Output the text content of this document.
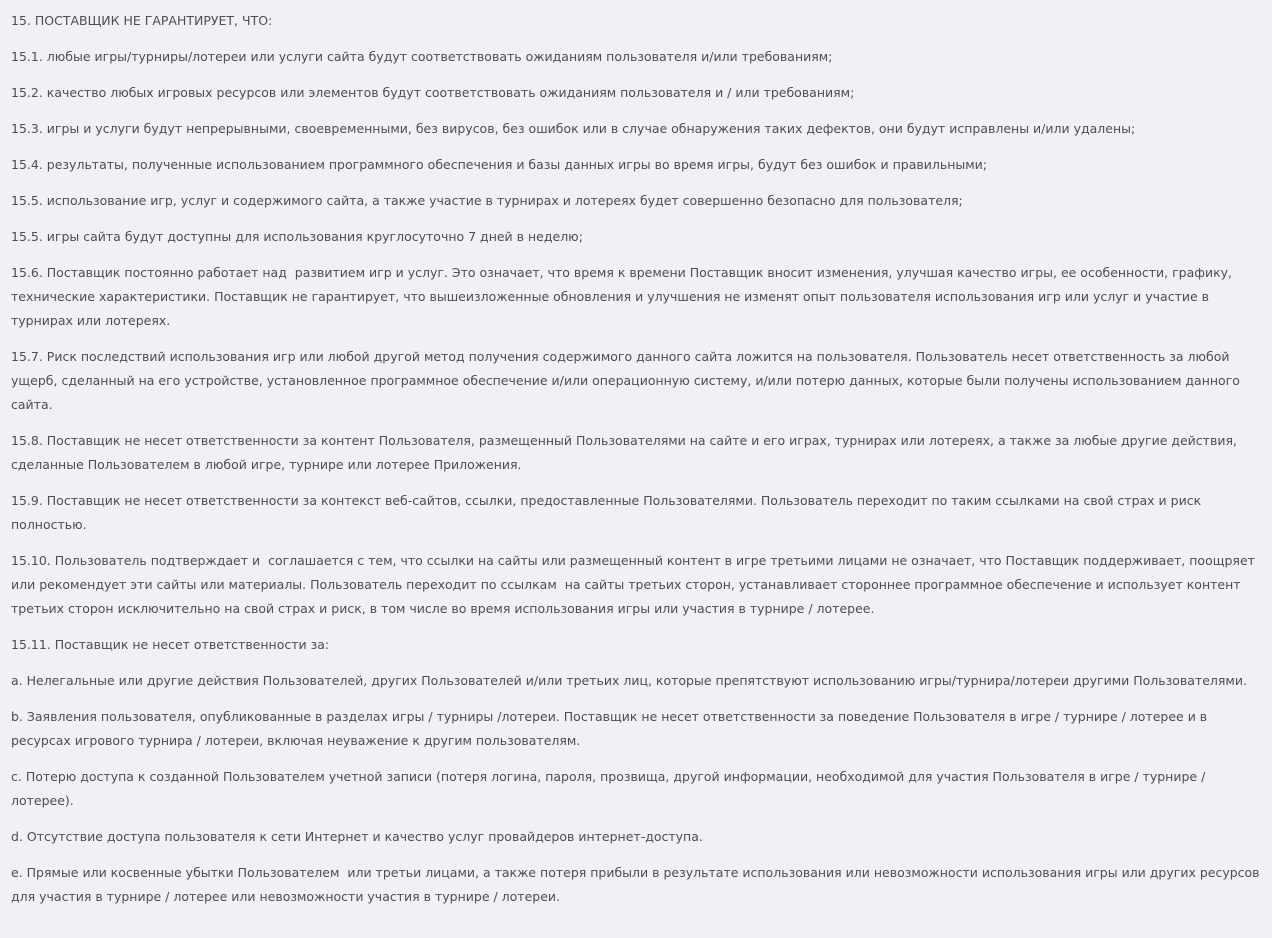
15. ПОСТАВЩИК НЕ ГАРАНТИРУЕТ, ЧТО:

15.1. любые игры/турниры/лотереи или услуги сайта будут соответствовать ожиданиям пользователя и/или требованиям;

15.2. качество любых игровых ресурсов или элементов будут соответствовать ожиданиям пользователя и / или требованиям;

15.3. игры и услуги будут непрерывными, своевременными, без вирусов, без ошибок или в случае обнаружения таких дефектов, они будут исправлены и/или удалены;

15.4. результаты, полученные использованием программного обеспечения и базы данных игры во время игры, будут без ошибок и правильными;

15.5. использование игр, услуг и содержимого сайта, а также участие в турнирах и лотереях будет совершенно безопасно для пользователя;

15.5. игры сайта будут доступны для использования круглосуточно 7 дней в неделю;

15.6. Поставщик постоянно работает над  развитием игр и услуг. Это означает, что время к времени Поставщик вносит изменения, улучшая качество игры, ее особенности, графику, технические характеристики. Поставщик не гарантирует, что вышеизложенные обновления и улучшения не изменят опыт пользователя использования игр или услуг и участие в турнирах или лотереях.

15.7. Риск последствий использования игр или любой другой метод получения содержимого данного сайта ложится на пользователя. Пользователь несет ответственность за любой ущерб, сделанный на его устройстве, установленное программное обеспечение и/или операционную систему, и/или потерю данных, которые были получены использованием данного сайта.

15.8. Поставщик не несет ответственности за контент Пользователя, размещенный Пользователями на сайте и его играх, турнирах или лотереях, а также за любые другие действия, сделанные Пользователем в любой игре, турнире или лотерее Приложения.

15.9. Поставщик не несет ответственности за контекст веб-сайтов, ссылки, предоставленные Пользователями. Пользователь переходит по таким ссылками на свой страх и риск полностью.

15.10. Пользователь подтверждает и  соглашается с тем, что ссылки на сайты или размещенный контент в игре третьими лицами не означает, что Поставщик поддерживает, поощряет или рекомендует эти сайты или материалы. Пользователь переходит по ссылкам  на сайты третьих сторон, устанавливает стороннее программное обеспечение и использует контент третьих сторон исключительно на свой страх и риск, в том числе во время использования игры или участия в турнире / лотерее.

15.11. Поставщик не несет ответственности за:

a. Нелегальные или другие действия Пользователей, других Пользователей и/или третьих лиц, которые препятствуют использованию игры/турнира/лотереи другими Пользователями.

b. Заявления пользователя, опубликованные в разделах игры / турниры /лотереи. Поставщик не несет ответственности за поведение Пользователя в игре / турнире / лотерее и в ресурсах игрового турнира / лотереи, включая неуважение к другим пользователям.

c. Потерю доступа к созданной Пользователем учетной записи (потеря логина, пароля, прозвища, другой информации, необходимой для участия Пользователя в игре / турнире / лотерее).

d. Отсутствие доступа пользователя к сети Интернет и качество услуг провайдеров интернет-доступа.

e. Прямые или косвенные убытки Пользователем  или третьи лицами, а также потеря прибыли в результате использования или невозможности использования игры или других ресурсов для участия в турнире / лотерее или невозможности участия в турнире / лотереи.
